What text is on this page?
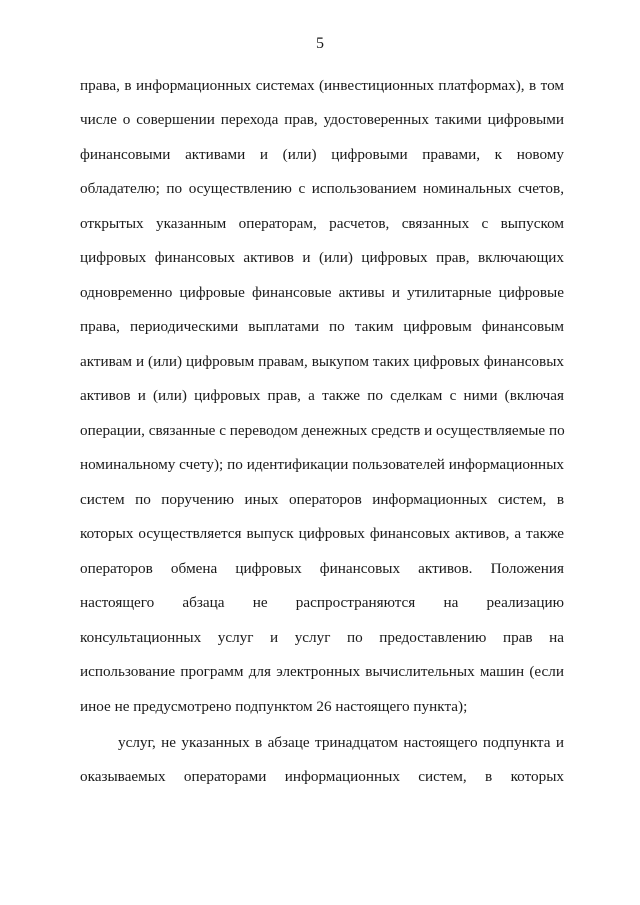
5
права, в информационных системах (инвестиционных платформах), в том
числе о совершении перехода прав, удостоверенных такими цифровыми
финансовыми активами и (или) цифровыми правами, к новому
обладателю; по осуществлению с использованием номинальных счетов,
открытых указанным операторам, расчетов, связанных с выпуском
цифровых финансовых активов и (или) цифровых прав, включающих
одновременно цифровые финансовые активы и утилитарные цифровые
права, периодическими выплатами по таким цифровым финансовым
активам и (или) цифровым правам, выкупом таких цифровых финансовых
активов и (или) цифровых прав, а также по сделкам с ними (включая
операции, связанные с переводом денежных средств и осуществляемые по
номинальному счету); по идентификации пользователей информационных
систем по поручению иных операторов информационных систем, в
которых осуществляется выпуск цифровых финансовых активов, а также
операторов обмена цифровых финансовых активов. Положения
настоящего абзаца не распространяются на реализацию
консультационных услуг и услуг по предоставлению прав на
использование программ для электронных вычислительных машин (если
иное не предусмотрено подпунктом 26 настоящего пункта);
услуг, не указанных в абзаце тринадцатом настоящего подпункта и
оказываемых операторами информационных систем, в которых
